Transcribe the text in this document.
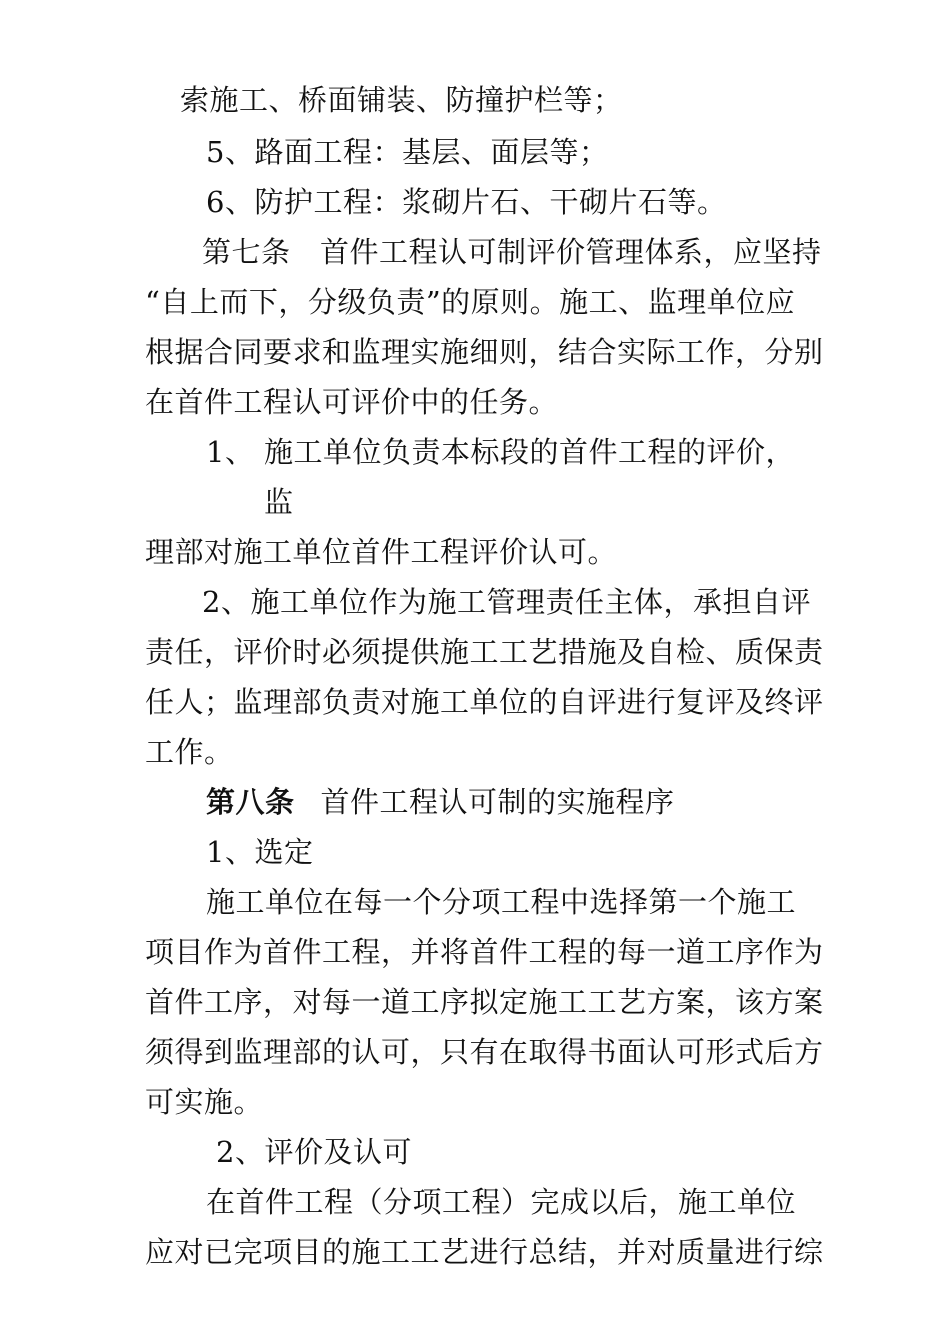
索施工、桥面铺装、防撞护栏等；
5、路面工程：基层、面层等；
6、防护工程：浆砌片石、干砌片石等。
第七条　首件工程认可制评价管理体系，应坚持
“自上而下，分级负责”的原则。施工、监理单位应
根据合同要求和监理实施细则，结合实际工作，分别
在首件工程认可评价中的任务。
1、 施工单位负责本标段的首件工程的评价，
监
理部对施工单位首件工程评价认可。
2、施工单位作为施工管理责任主体，承担自评
责任，评价时必须提供施工工艺措施及自检、质保责
任人；监理部负责对施工单位的自评进行复评及终评
工作。
第八条 首件工程认可制的实施程序
1、选定
施工单位在每一个分项工程中选择第一个施工
项目作为首件工程，并将首件工程的每一道工序作为
首件工序，对每一道工序拟定施工工艺方案，该方案
须得到监理部的认可，只有在取得书面认可形式后方
可实施。
2、评价及认可
在首件工程（分项工程）完成以后，施工单位
应对已完项目的施工工艺进行总结，并对质量进行综
